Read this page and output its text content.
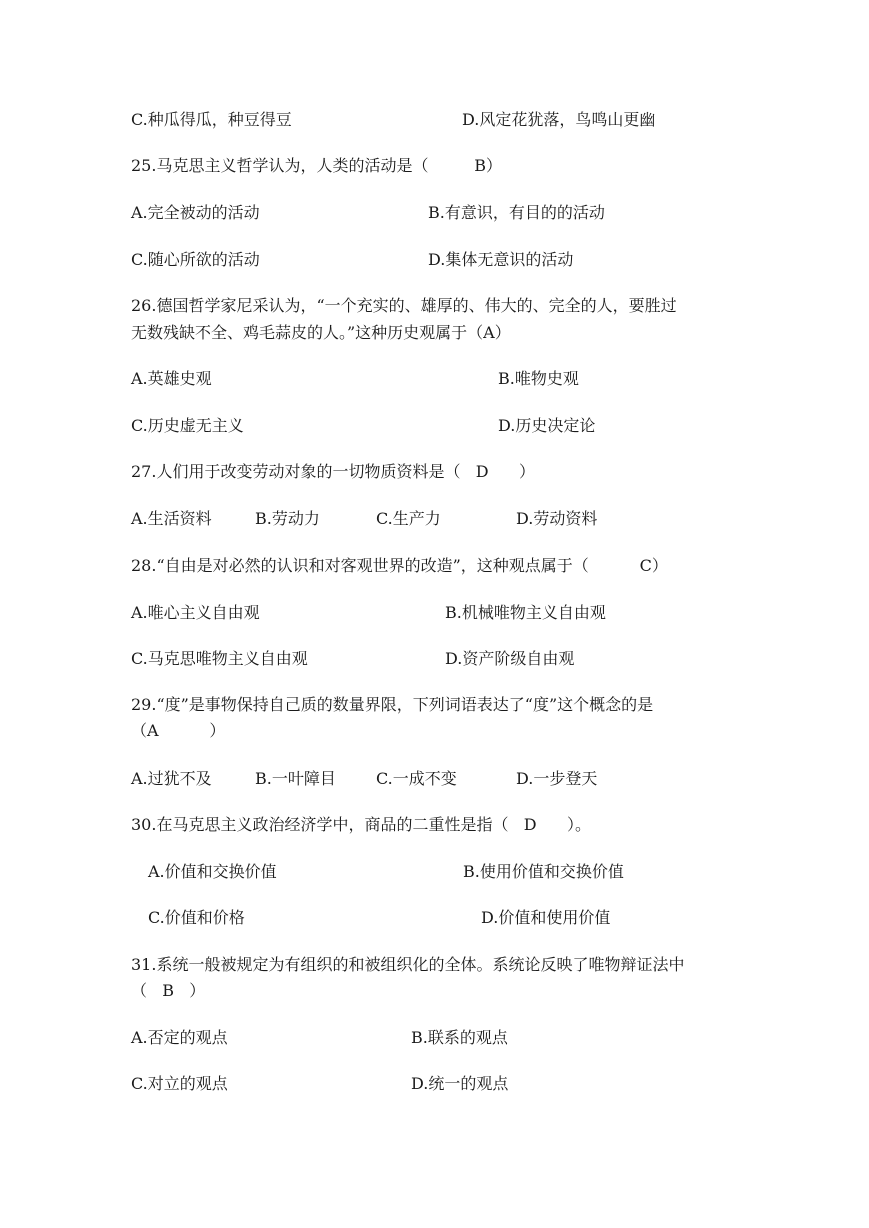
C.种瓜得瓜，种豆得豆	D.风定花犹落，鸟鸣山更幽
25.马克思主义哲学认为，人类的活动是（         B）
A.完全被动的活动	B.有意识，有目的的活动
C.随心所欲的活动	D.集体无意识的活动
26.德国哲学家尼采认为，“一个充实的、雄厚的、伟大的、完全的人，要胜过
无数残缺不全、鸡毛蒜皮的人。”这种历史观属于（A）
A.英雄史观	B.唯物史观
C.历史虚无主义	D.历史决定论
27.人们用于改变劳动对象的一切物质资料是（   D      ）
A.生活资料	B.劳动力	C.生产力	D.劳动资料
28.“自由是对必然的认识和对客观世界的改造”，这种观点属于（          C）
A.唯心主义自由观	B.机械唯物主义自由观
C.马克思唯物主义自由观	D.资产阶级自由观
29.“度”是事物保持自己质的数量界限，下列词语表达了“度”这个概念的是
（A          ）
A.过犹不及	B.一叶障目	C.一成不变	D.一步登天
30.在马克思主义政治经济学中，商品的二重性是指（   D      ）。
A.价值和交换价值	B.使用价值和交换价值
C.价值和价格	D.价值和使用价值
31.系统一般被规定为有组织的和被组织化的全体。系统论反映了唯物辩证法中
（   B   ）
A.否定的观点	B.联系的观点
C.对立的观点	D.统一的观点
